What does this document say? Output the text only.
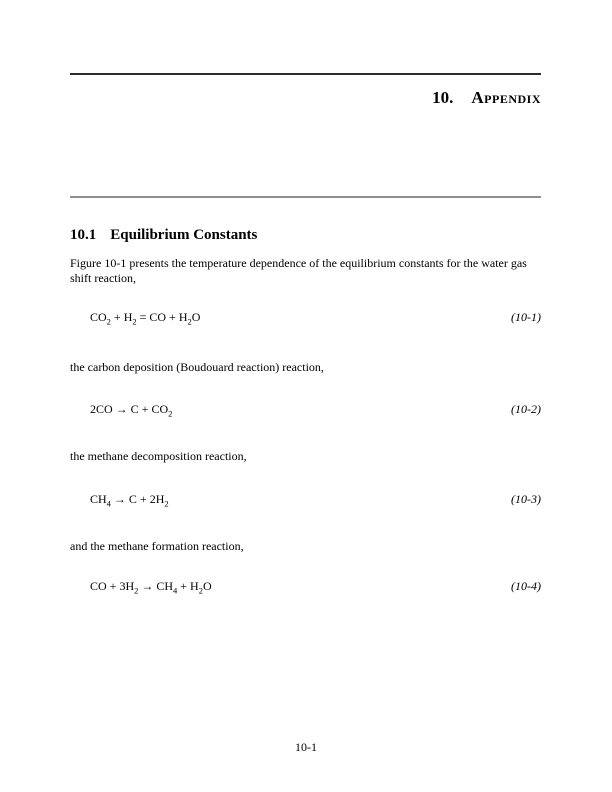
10. Appendix
10.1 Equilibrium Constants
Figure 10-1 presents the temperature dependence of the equilibrium constants for the water gas shift reaction,
$CO_2 + H_2$ = CO + $H_2O$	(10-1)
the carbon deposition (Boudouard reaction) reaction,
$2CO \to C + CO_2$	(10-2)
the methane decomposition reaction,
$CH_4 \to C + 2H_2$	(10-3)
and the methane formation reaction,
CO + $3H_2 \to CH_4 + H_2O$	(10-4)
10-1
